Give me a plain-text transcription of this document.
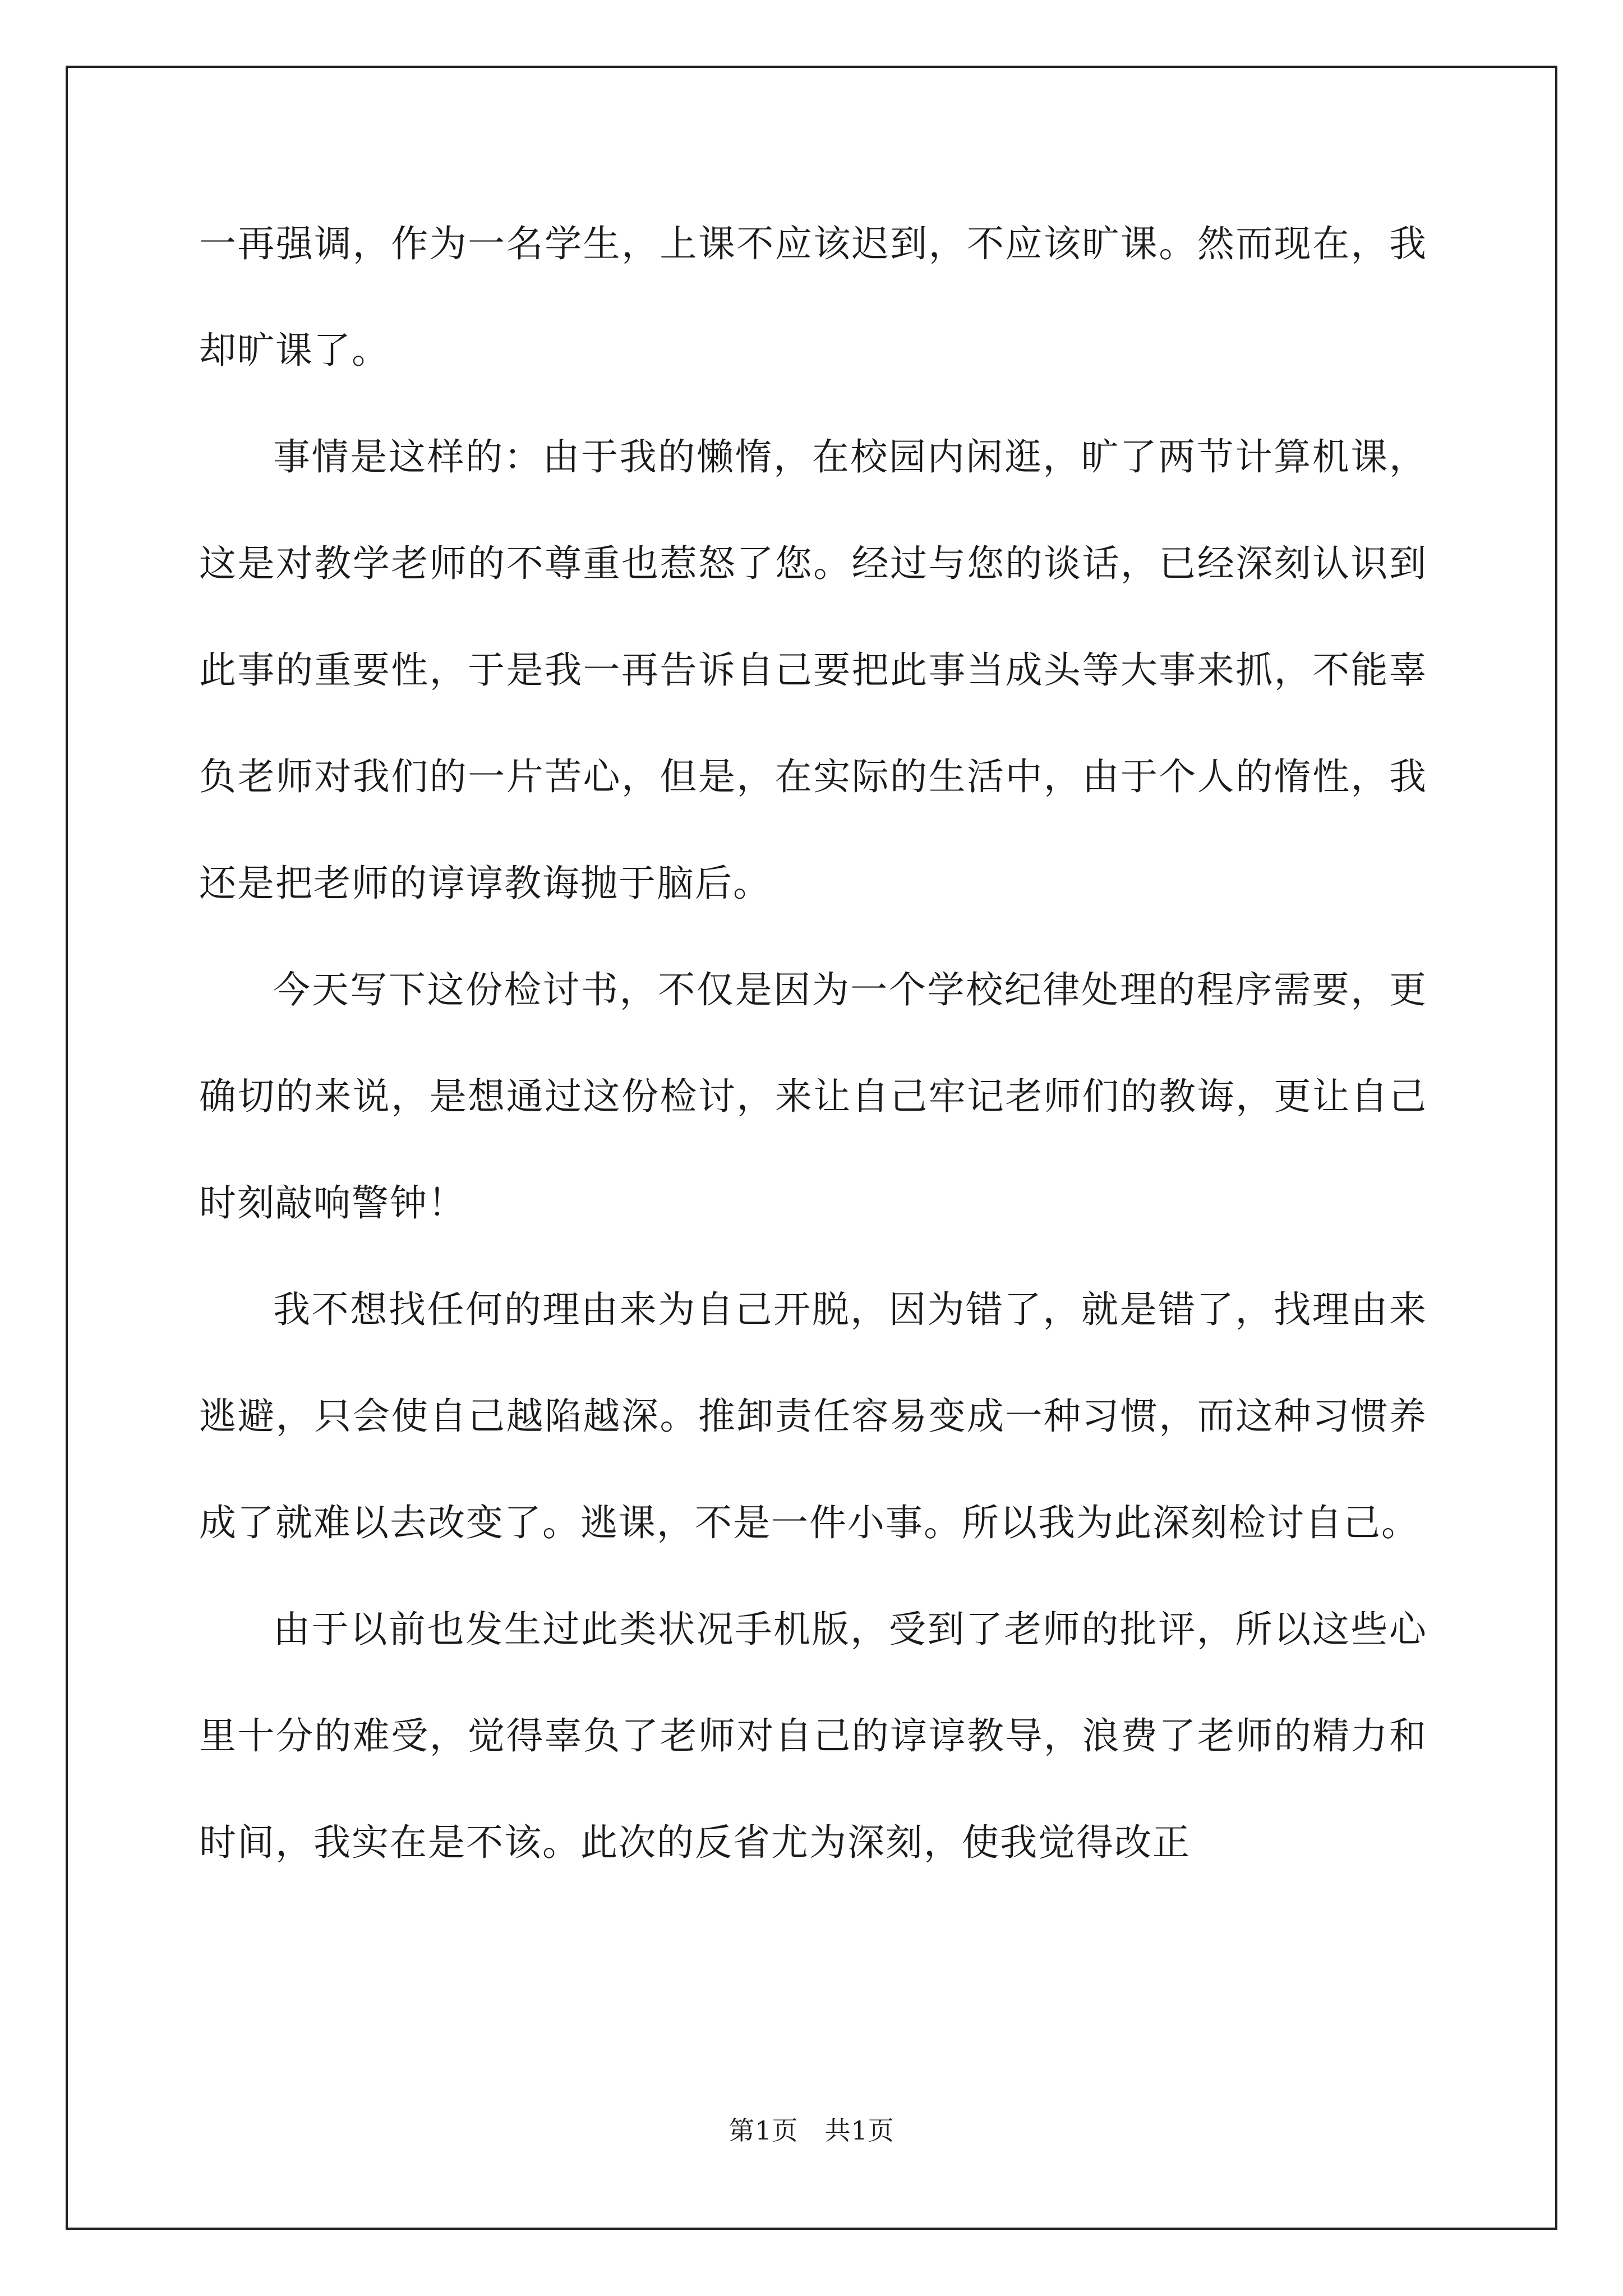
一再强调，作为一名学生，上课不应该迟到，不应该旷课。然而现在，我却旷课了。

事情是这样的：由于我的懒惰，在校园内闲逛，旷了两节计算机课，这是对教学老师的不尊重也惹怒了您。经过与您的谈话，已经深刻认识到此事的重要性，于是我一再告诉自己要把此事当成头等大事来抓，不能辜负老师对我们的一片苦心，但是，在实际的生活中，由于个人的惰性，我还是把老师的谆谆教诲抛于脑后。

今天写下这份检讨书，不仅是因为一个学校纪律处理的程序需要，更确切的来说，是想通过这份检讨，来让自己牢记老师们的教诲，更让自己时刻敲响警钟！

我不想找任何的理由来为自己开脱，因为错了，就是错了，找理由来逃避，只会使自己越陷越深。推卸责任容易变成一种习惯，而这种习惯养成了就难以去改变了。逃课，不是一件小事。所以我为此深刻检讨自己。

由于以前也发生过此类状况手机版，受到了老师的批评，所以这些心里十分的难受，觉得辜负了老师对自己的谆谆教导，浪费了老师的精力和时间，我实在是不该。此次的反省尤为深刻，使我觉得改正

第1页 共1页
